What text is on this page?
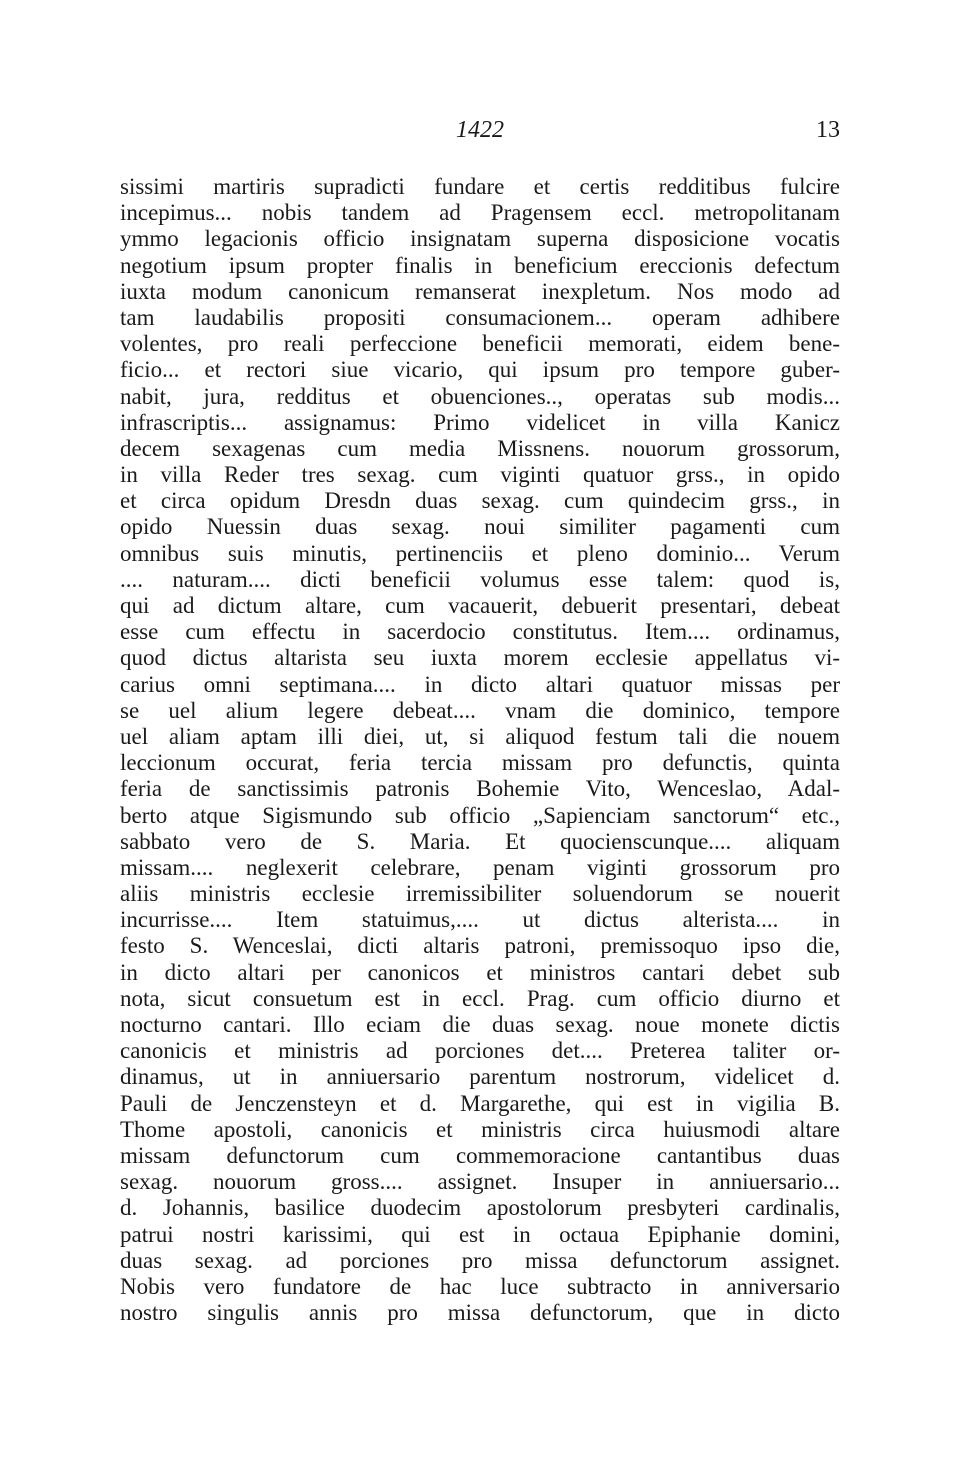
1422	13
sissimi martiris supradicti fundare et certis redditibus fulcire
incepimus... nobis tandem ad Pragensem eccl. metropolitanam
ymmo legacionis officio insignatam superna disposicione vocatis
negotium ipsum propter finalis in beneficium ereccionis defectum
iuxta modum canonicum remanserat inexpletum. Nos modo ad
tam laudabilis propositi consumacionem... operam adhibere
volentes, pro reali perfeccione beneficii memorati, eidem bene-
ficio... et rectori siue vicario, qui ipsum pro tempore guber-
nabit, jura, redditus et obuenciones.., operatas sub modis...
infrascriptis... assignamus: Primo videlicet in villa Kanicz
decem sexagenas cum media Missnens. nouorum grossorum,
in villa Reder tres sexag. cum viginti quatuor grss., in opido
et circa opidum Dresdn duas sexag. cum quindecim grss., in
opido Nuessin duas sexag. noui similiter pagamenti cum
omnibus suis minutis, pertinenciis et pleno dominio... Verum
.... naturam.... dicti beneficii volumus esse talem: quod is,
qui ad dictum altare, cum vacauerit, debuerit presentari, debeat
esse cum effectu in sacerdocio constitutus. Item.... ordinamus,
quod dictus altarista seu iuxta morem ecclesie appellatus vi-
carius omni septimana.... in dicto altari quatuor missas per
se uel alium legere debeat.... vnam die dominico, tempore
uel aliam aptam illi diei, ut, si aliquod festum tali die nouem
leccionum occurat, feria tercia missam pro defunctis, quinta
feria de sanctissimis patronis Bohemie Vito, Wenceslao, Adal-
berto atque Sigismundo sub officio „Sapienciam sanctorum“ etc.,
sabbato vero de S. Maria. Et quocienscunque.... aliquam
missam.... neglexerit celebrare, penam viginti grossorum pro
aliis ministris ecclesie irremissibiliter soluendorum se nouerit
incurrisse.... Item statuimus,.... ut dictus alterista.... in
festo S. Wenceslai, dicti altaris patroni, premissoquo ipso die,
in dicto altari per canonicos et ministros cantari debet sub
nota, sicut consuetum est in eccl. Prag. cum officio diurno et
nocturno cantari. Illo eciam die duas sexag. noue monete dictis
canonicis et ministris ad porciones det.... Preterea taliter or-
dinamus, ut in anniuersario parentum nostrorum, videlicet d.
Pauli de Jenczensteyn et d. Margarethe, qui est in vigilia B.
Thome apostoli, canonicis et ministris circa huiusmodi altare
missam defunctorum cum commemoracione cantantibus duas
sexag. nouorum gross.... assignet. Insuper in anniuersario...
d. Johannis, basilice duodecim apostolorum presbyteri cardinalis,
patrui nostri karissimi, qui est in octaua Epiphanie domini,
duas sexag. ad porciones pro missa defunctorum assignet.
Nobis vero fundatore de hac luce subtracto in anniversario
nostro singulis annis pro missa defunctorum, que in dicto
